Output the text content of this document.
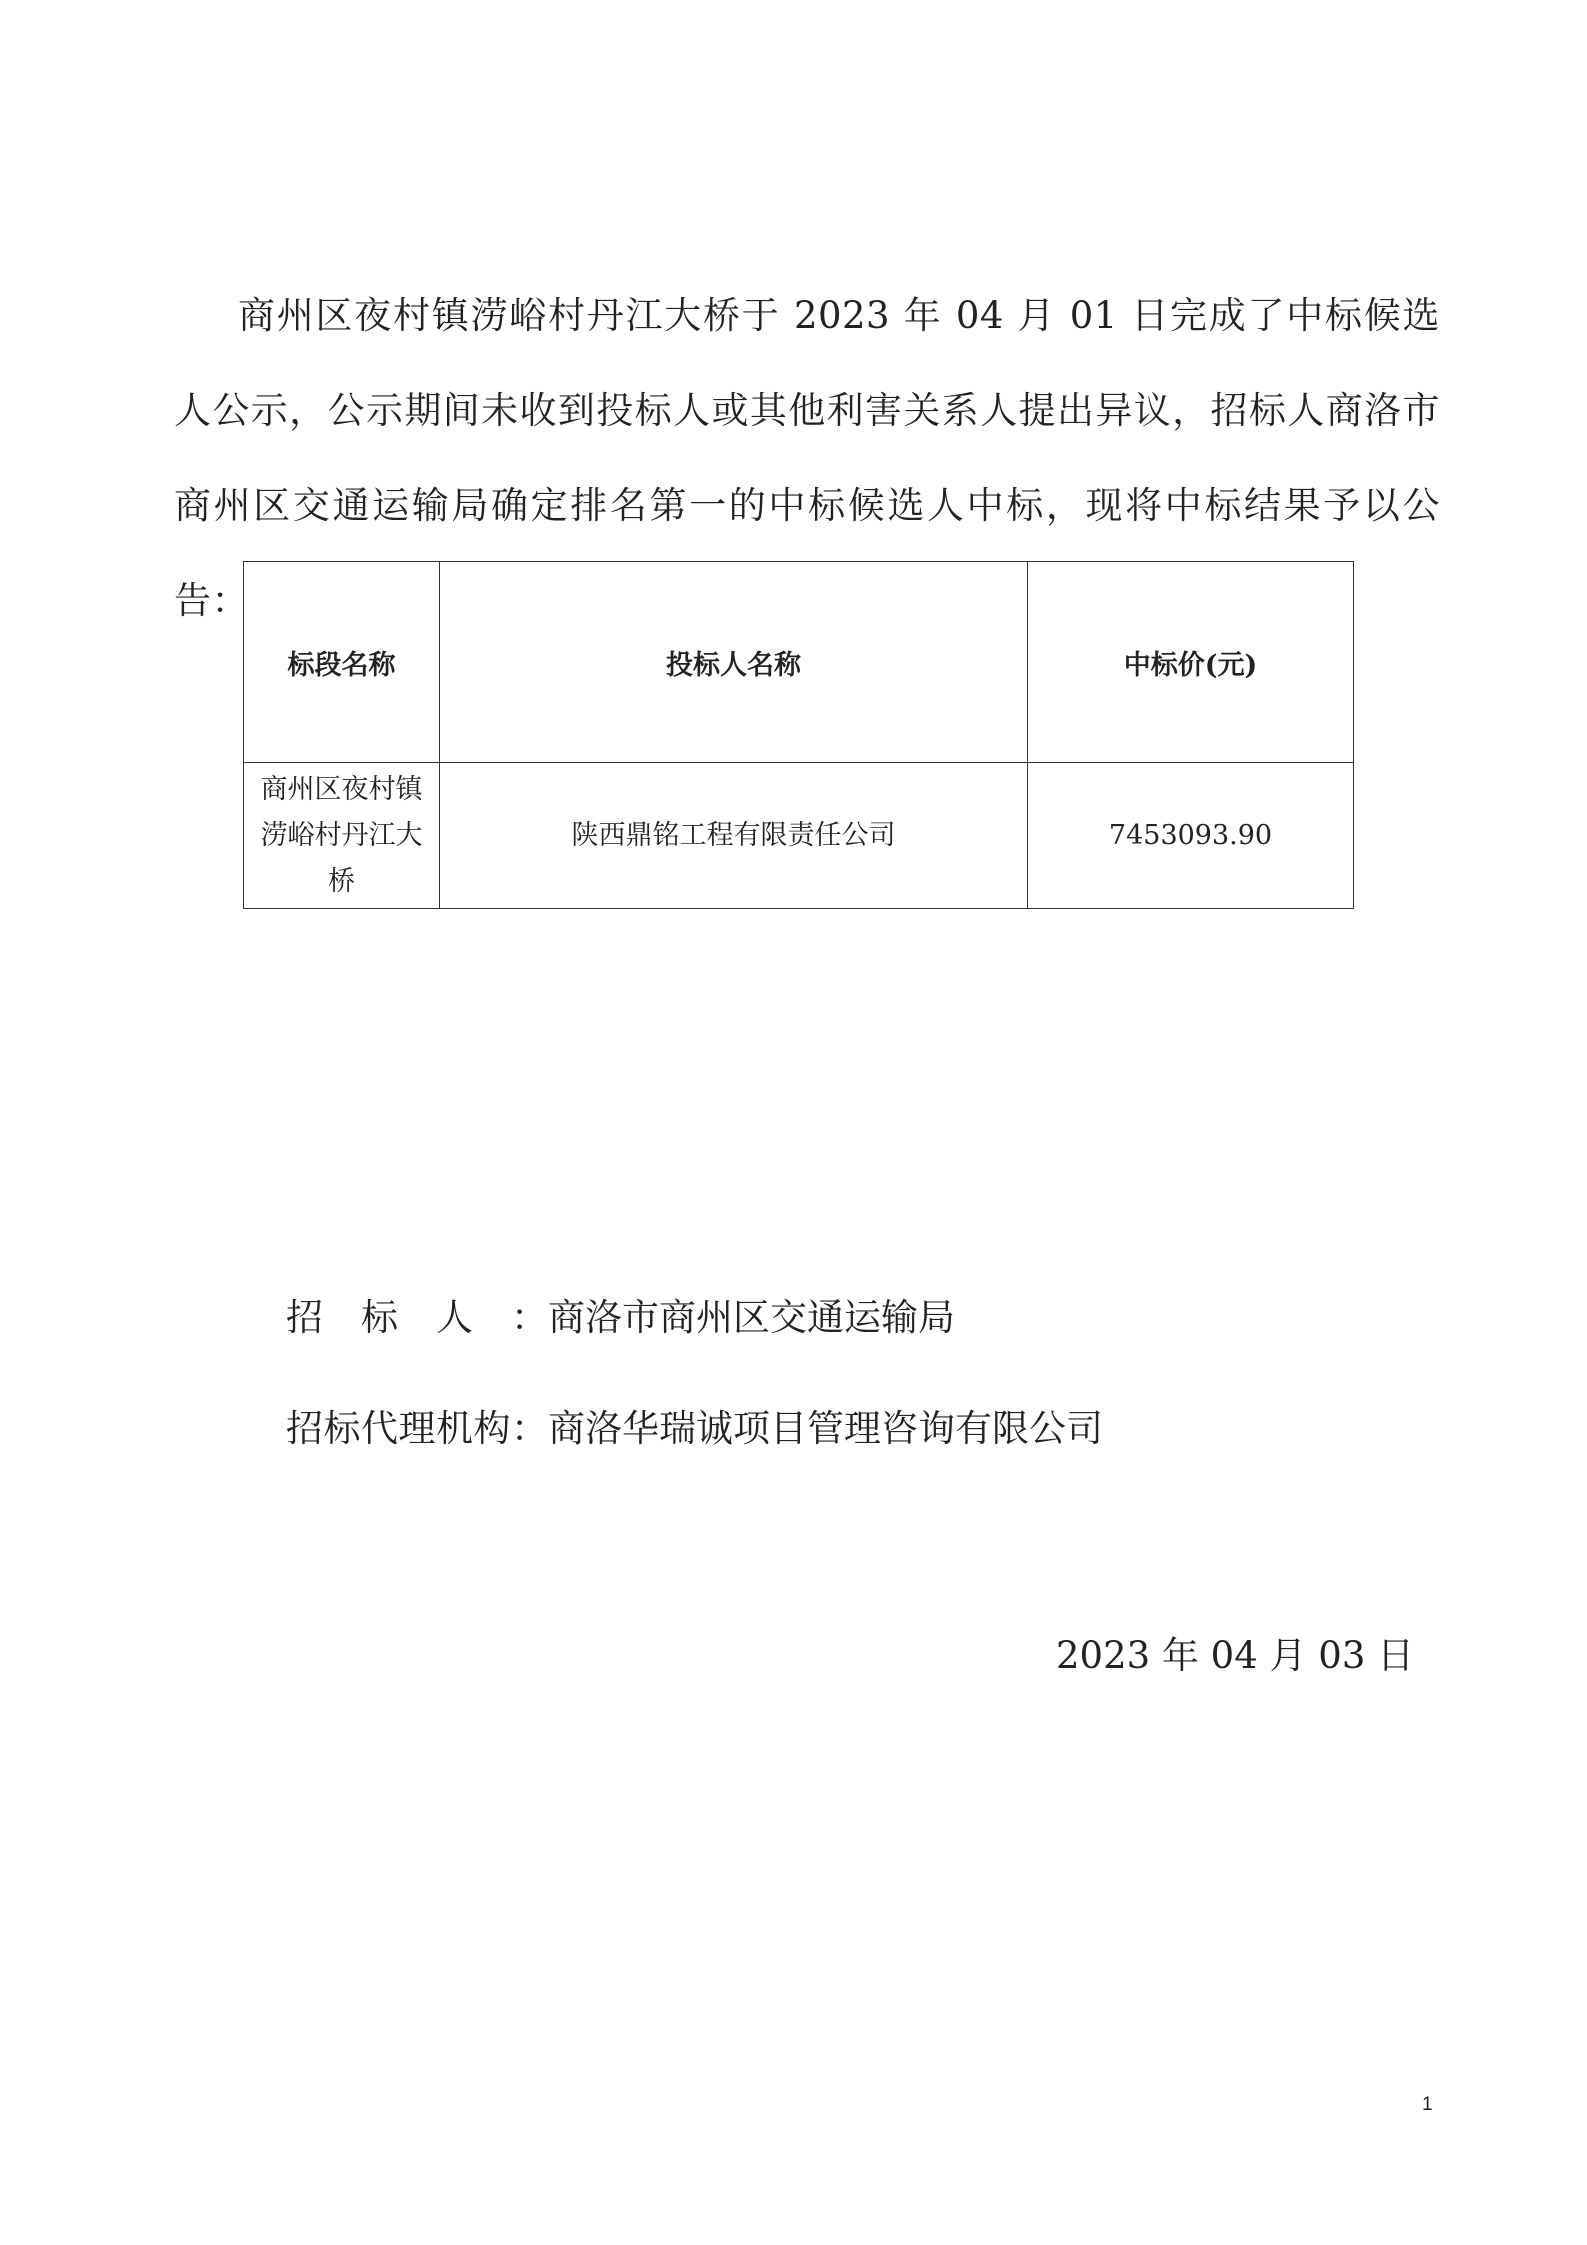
商州区夜村镇涝峪村丹江大桥于 2023 年 04 月 01 日完成了中标候选人公示，公示期间未收到投标人或其他利害关系人提出异议，招标人商洛市商州区交通运输局确定排名第一的中标候选人中标，现将中标结果予以公告：

标段名称	投标人名称	中标价(元)
商州区夜村镇涝峪村丹江大桥	陕西鼎铭工程有限责任公司	7453093.90
招标人：商洛市商州区交通运输局
招标代理机构：商洛华瑞诚项目管理咨询有限公司
2023 年 04 月 03 日
1
